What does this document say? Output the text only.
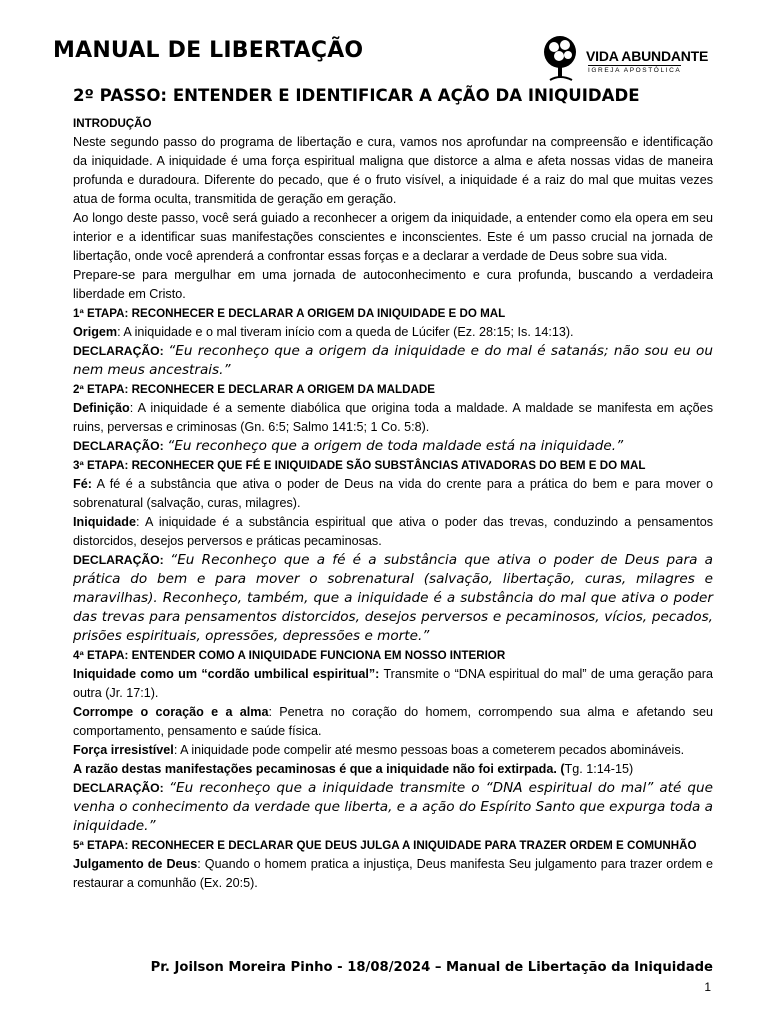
MANUAL DE LIBERTAÇÃO	VIDA ABUNDANTE
IGREJA APOSTÓLICA
2º PASSO: ENTENDER E IDENTIFICAR A AÇÃO DA INIQUIDADE

INTRODUÇÃO

Neste segundo passo do programa de libertação e cura, vamos nos aprofundar na compreensão e identificação da iniquidade. A iniquidade é uma força espiritual maligna que distorce a alma e afeta nossas vidas de maneira profunda e duradoura. Diferente do pecado, que é o fruto visível, a iniquidade é a raiz do mal que muitas vezes atua de forma oculta, transmitida de geração em geração.

Ao longo deste passo, você será guiado a reconhecer a origem da iniquidade, a entender como ela opera em seu interior e a identificar suas manifestações conscientes e inconscientes. Este é um passo crucial na jornada de libertação, onde você aprenderá a confrontar essas forças e a declarar a verdade de Deus sobre sua vida.

Prepare-se para mergulhar em uma jornada de autoconhecimento e cura profunda, buscando a verdadeira liberdade em Cristo.

1ª ETAPA: RECONHECER E DECLARAR A ORIGEM DA INIQUIDADE E DO MAL

Origem: A iniquidade e o mal tiveram início com a queda de Lúcifer (Ez. 28:15; Is. 14:13).

DECLARAÇÃO: “Eu reconheço que a origem da iniquidade e do mal é satanás; não sou eu ou nem meus ancestrais.”

2ª ETAPA: RECONHECER E DECLARAR A ORIGEM DA MALDADE

Definição: A iniquidade é a semente diabólica que origina toda a maldade. A maldade se manifesta em ações ruins, perversas e criminosas (Gn. 6:5; Salmo 141:5; 1 Co. 5:8).

DECLARAÇÃO: “Eu reconheço que a origem de toda maldade está na iniquidade.”

3ª ETAPA: RECONHECER QUE FÉ E INIQUIDADE SÃO SUBSTÂNCIAS ATIVADORAS DO BEM E DO MAL

Fé: A fé é a substância que ativa o poder de Deus na vida do crente para a prática do bem e para mover o sobrenatural (salvação, curas, milagres).

Iniquidade: A iniquidade é a substância espiritual que ativa o poder das trevas, conduzindo a pensamentos distorcidos, desejos perversos e práticas pecaminosas.

DECLARAÇÃO: “Eu Reconheço que a fé é a substância que ativa o poder de Deus para a prática do bem e para mover o sobrenatural (salvação, libertação, curas, milagres e maravilhas). Reconheço, também, que a iniquidade é a substância do mal que ativa o poder das trevas para pensamentos distorcidos, desejos perversos e pecaminosos, vícios, pecados, prisões espirituais, opressões, depressões e morte.”

4ª ETAPA: ENTENDER COMO A INIQUIDADE FUNCIONA EM NOSSO INTERIOR

Iniquidade como um “cordão umbilical espiritual”: Transmite o “DNA espiritual do mal” de uma geração para outra (Jr. 17:1).

Corrompe o coração e a alma: Penetra no coração do homem, corrompendo sua alma e afetando seu comportamento, pensamento e saúde física.

Força irresistível: A iniquidade pode compelir até mesmo pessoas boas a cometerem pecados abomináveis.

A razão destas manifestações pecaminosas é que a iniquidade não foi extirpada. (Tg. 1:14-15)

DECLARAÇÃO: “Eu reconheço que a iniquidade transmite o “DNA espiritual do mal” até que venha o conhecimento da verdade que liberta, e a ação do Espírito Santo que expurga toda a iniquidade.”

5ª ETAPA: RECONHECER E DECLARAR QUE DEUS JULGA A INIQUIDADE PARA TRAZER ORDEM E COMUNHÃO

Julgamento de Deus: Quando o homem pratica a injustiça, Deus manifesta Seu julgamento para trazer ordem e restaurar a comunhão (Ex. 20:5).

Pr. Joilson Moreira Pinho - 18/08/2024 – Manual de Libertação da Iniquidade
1
